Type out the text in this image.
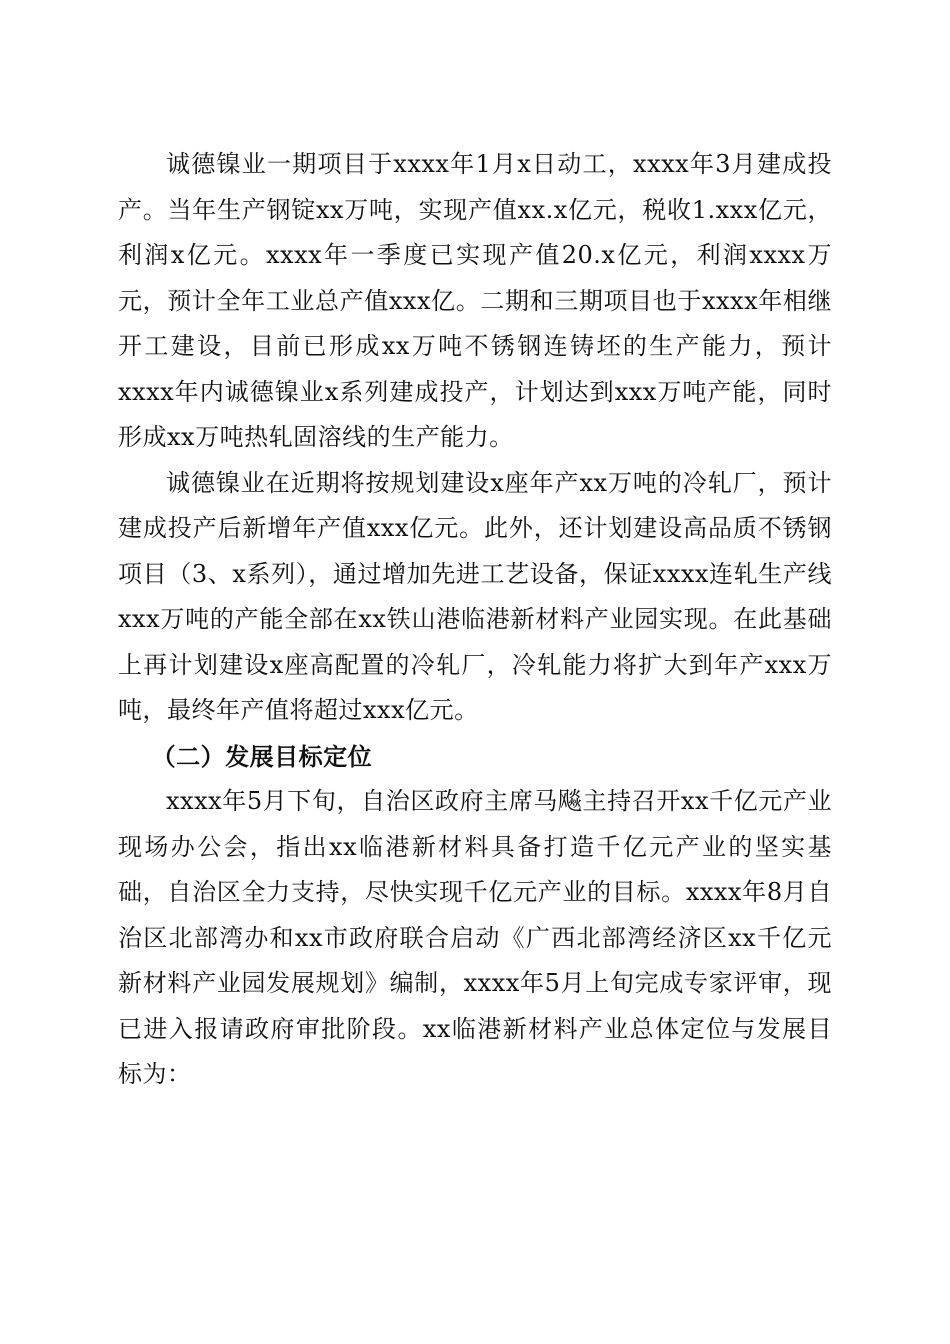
诚德镍业一期项目于xxxx年1月x日动工，xxxx年3月建成投产。当年生产钢锭xx万吨，实现产值xx.x亿元，税收1.xxx亿元，利润x亿元。xxxx年一季度已实现产值20.x亿元，利润xxxx万元，预计全年工业总产值xxx亿。二期和三期项目也于xxxx年相继开工建设，目前已形成xx万吨不锈钢连铸坯的生产能力，预计xxxx年内诚德镍业x系列建成投产，计划达到xxx万吨产能，同时形成xx万吨热轧固溶线的生产能力。

诚德镍业在近期将按规划建设x座年产xx万吨的冷轧厂，预计建成投产后新增年产值xxx亿元。此外，还计划建设高品质不锈钢项目（3、x系列），通过增加先进工艺设备，保证xxxx连轧生产线xxx万吨的产能全部在xx铁山港临港新材料产业园实现。在此基础上再计划建设x座高配置的冷轧厂，冷轧能力将扩大到年产xxx万吨，最终年产值将超过xxx亿元。

（二）发展目标定位

xxxx年5月下旬，自治区政府主席马飚主持召开xx千亿元产业现场办公会，指出xx临港新材料具备打造千亿元产业的坚实基础，自治区全力支持，尽快实现千亿元产业的目标。xxxx年8月自治区北部湾办和xx市政府联合启动《广西北部湾经济区xx千亿元新材料产业园发展规划》编制，xxxx年5月上旬完成专家评审，现已进入报请政府审批阶段。xx临港新材料产业总体定位与发展目标为：
